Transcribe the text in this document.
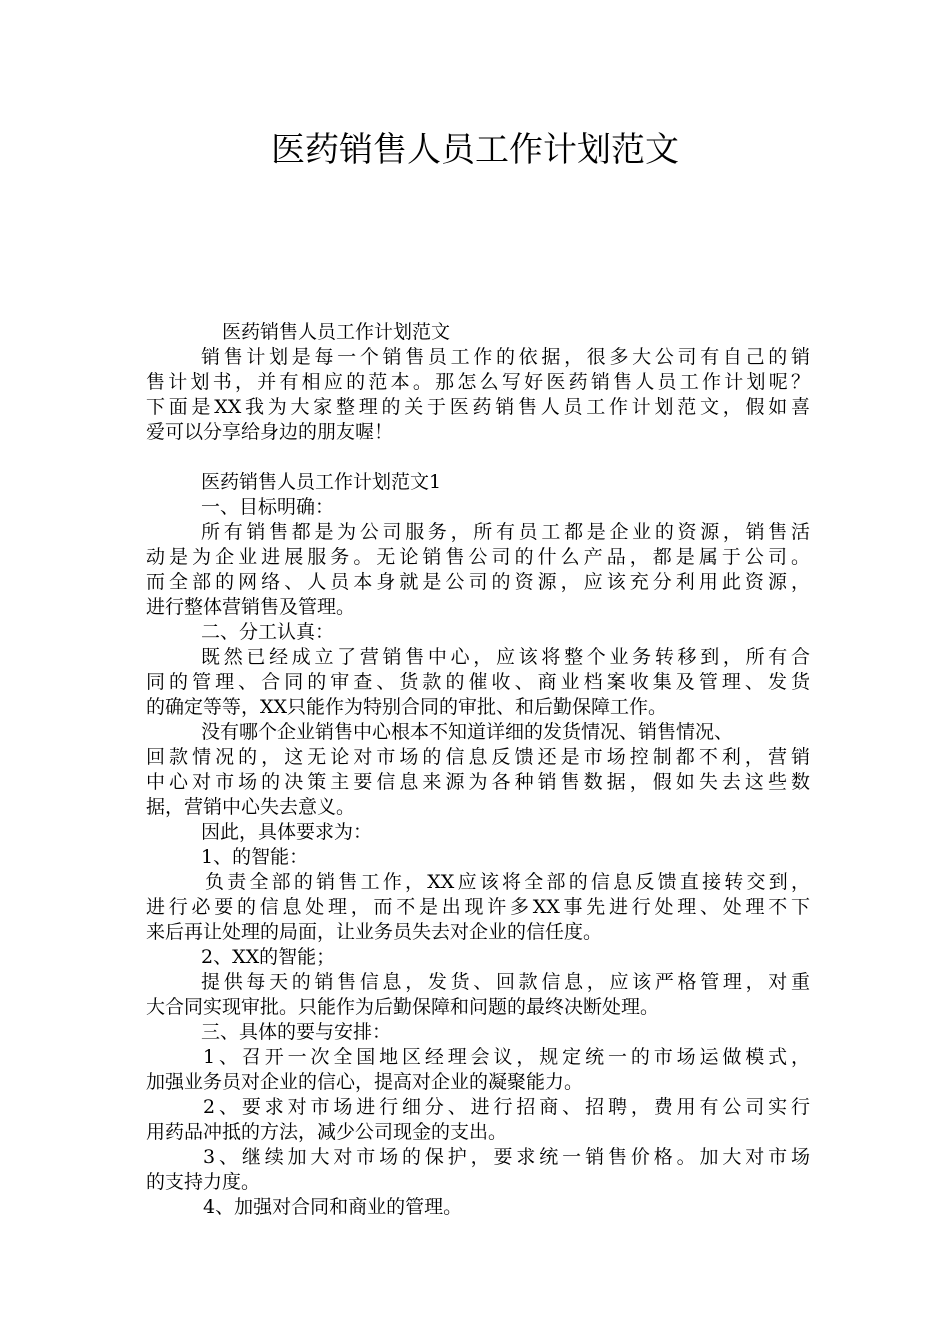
医药销售人员工作计划范文
医药销售人员工作计划范文
销售计划是每一个销售员工作的依据，很多大公司有自己的销
售计划书，并有相应的范本。那怎么写好医药销售人员工作计划呢？
下面是XX我为大家整理的关于医药销售人员工作计划范文，假如喜
爱可以分享给身边的朋友喔！
医药销售人员工作计划范文1
一、目标明确：
所有销售都是为公司服务，所有员工都是企业的资源，销售活
动是为企业进展服务。无论销售公司的什么产品，都是属于公司。
而全部的网络、人员本身就是公司的资源，应该充分利用此资源，
进行整体营销售及管理。
二、分工认真：
既然已经成立了营销售中心，应该将整个业务转移到，所有合
同的管理、合同的审查、货款的催收、商业档案收集及管理、发货
的确定等等，XX只能作为特别合同的审批、和后勤保障工作。
没有哪个企业销售中心根本不知道详细的发货情况、销售情况、
回款情况的，这无论对市场的信息反馈还是市场控制都不利，营销
中心对市场的决策主要信息来源为各种销售数据，假如失去这些数
据，营销中心失去意义。
因此，具体要求为：
1、的智能：
负责全部的销售工作，XX应该将全部的信息反馈直接转交到，
进行必要的信息处理，而不是出现许多XX事先进行处理、处理不下
来后再让处理的局面，让业务员失去对企业的信任度。
2、XX的智能；
提供每天的销售信息，发货、回款信息，应该严格管理，对重
大合同实现审批。只能作为后勤保障和问题的最终决断处理。
三、具体的要与安排：
1、召开一次全国地区经理会议，规定统一的市场运做模式，
加强业务员对企业的信心，提高对企业的凝聚能力。
2、要求对市场进行细分、进行招商、招聘，费用有公司实行
用药品冲抵的方法，减少公司现金的支出。
3、继续加大对市场的保护，要求统一销售价格。加大对市场
的支持力度。
4、加强对合同和商业的管理。
